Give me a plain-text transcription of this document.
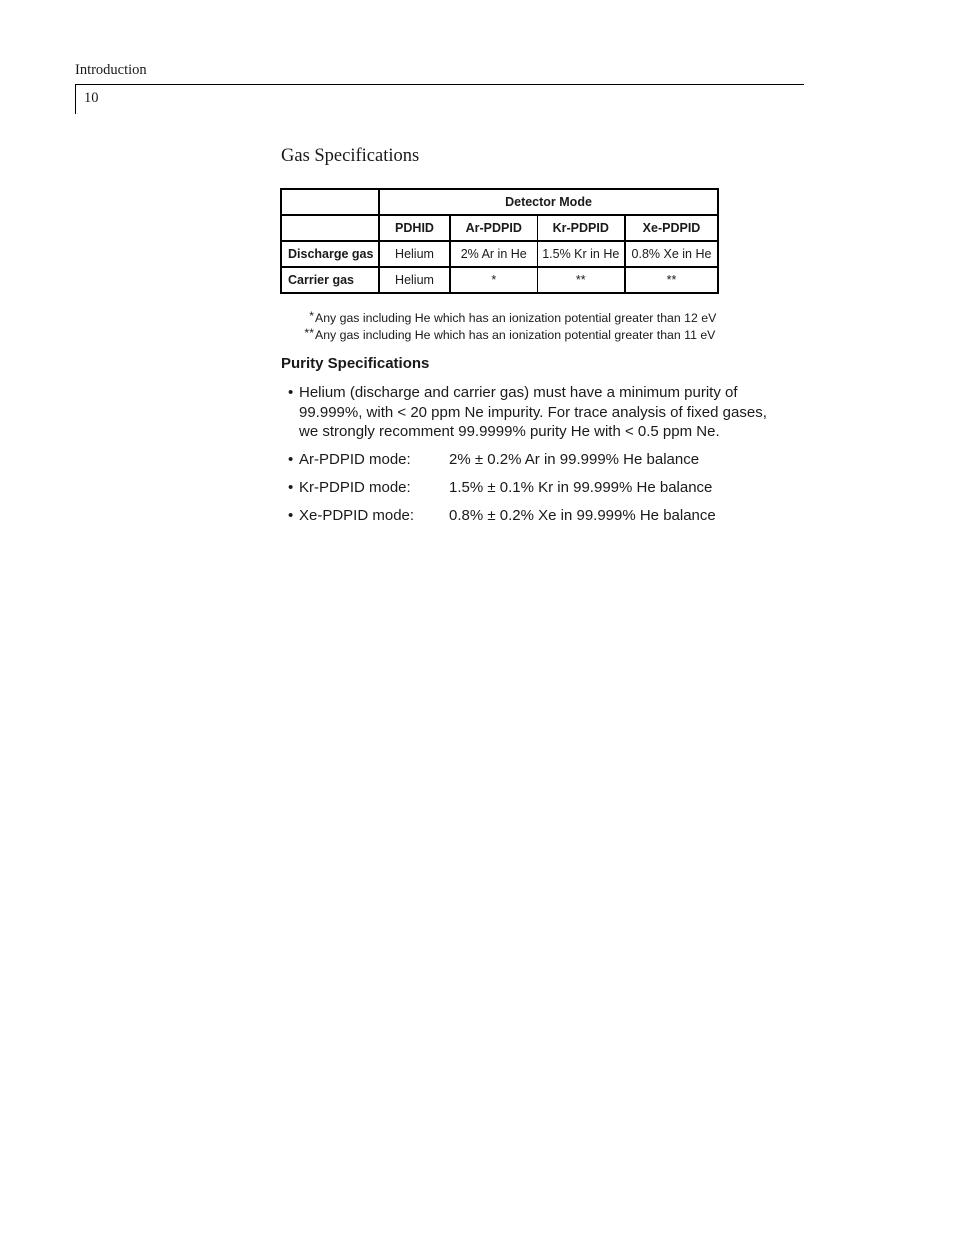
Introduction
10
Gas Specifications
	Detector Mode			
	PDHID	Ar-PDPID	Kr-PDPID	Xe-PDPID
Discharge gas	Helium	2% Ar in He	1.5% Kr in He	0.8% Xe in He
Carrier gas	Helium	*	**	**
*Any gas including He which has an ionization potential greater than 12 eV
**Any gas including He which has an ionization potential greater than 11 eV
Purity Specifications
• Helium (discharge and carrier gas) must have a minimum purity of
99.999%, with < 20 ppm Ne impurity. For trace analysis of fixed gases,
we strongly recomment 99.9999% purity He with < 0.5 ppm Ne.
• Ar-PDPID mode:	2% ± 0.2% Ar in 99.999% He balance
• Kr-PDPID mode:	1.5% ± 0.1% Kr in 99.999% He balance
• Xe-PDPID mode: 0.8% ± 0.2% Xe in 99.999% He balance
